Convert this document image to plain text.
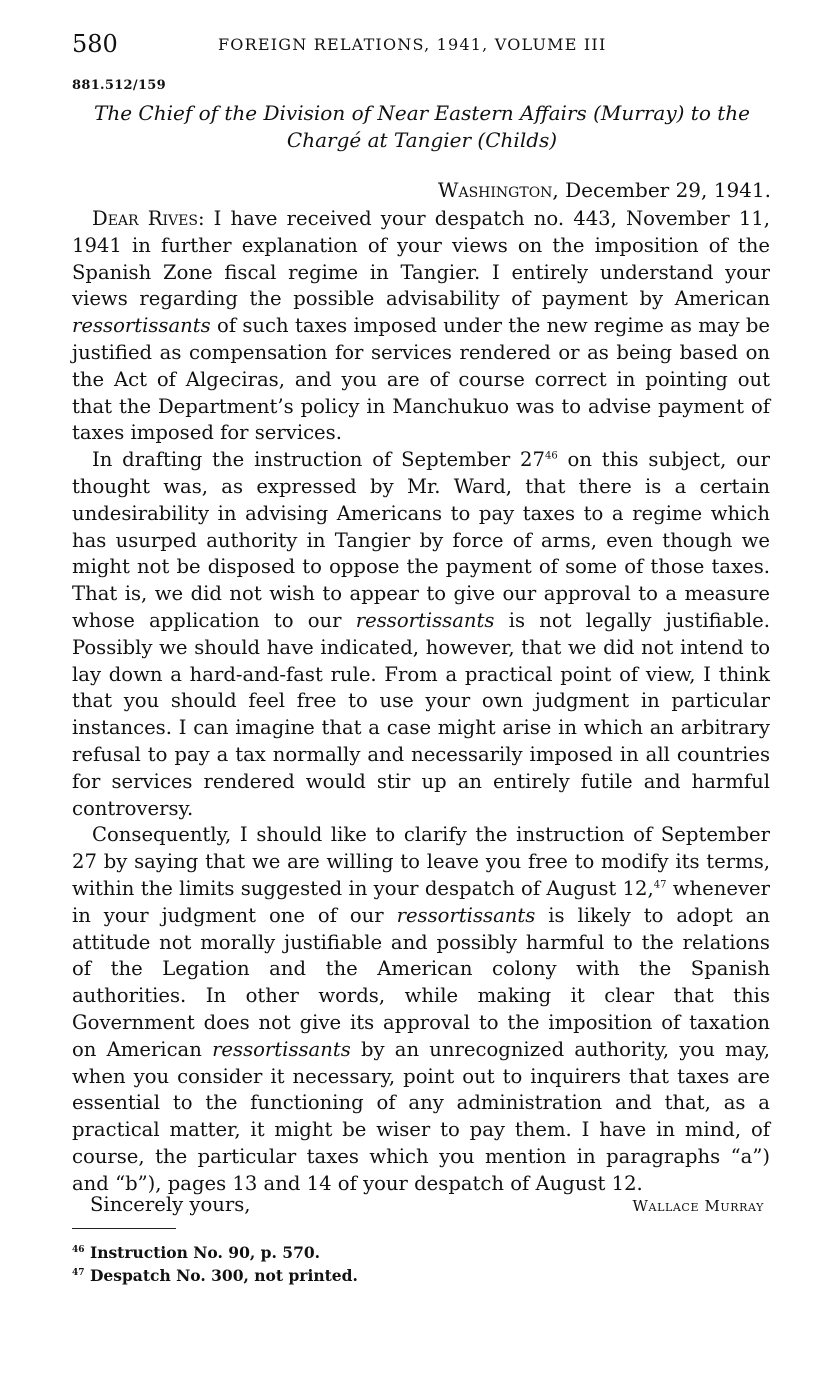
580	FOREIGN RELATIONS, 1941, VOLUME III
881.512/159
The Chief of the Division of Near Eastern Affairs (Murray) to the
Chargé at Tangier (Childs)
Washington, December 29, 1941.

Dear Rives: I have received your despatch no. 443, November 11, 1941 in further explanation of your views on the imposition of the Spanish Zone fiscal regime in Tangier. I entirely understand your views regarding the possible advisability of payment by American ressortissants of such taxes imposed under the new regime as may be justified as compensation for services rendered or as being based on the Act of Algeciras, and you are of course correct in pointing out that the Department’s policy in Manchukuo was to advise payment of taxes imposed for services.

In drafting the instruction of September 27$^{46}$ on this subject, our thought was, as expressed by Mr. Ward, that there is a certain undesirability in advising Americans to pay taxes to a regime which has usurped authority in Tangier by force of arms, even though we might not be disposed to oppose the payment of some of those taxes. That is, we did not wish to appear to give our approval to a measure whose application to our ressortissants is not legally justifiable. Possibly we should have indicated, however, that we did not intend to lay down a hard-and-fast rule. From a practical point of view, I think that you should feel free to use your own judgment in particular instances. I can imagine that a case might arise in which an arbitrary refusal to pay a tax normally and necessarily imposed in all countries for services rendered would stir up an entirely futile and harmful controversy.

Consequently, I should like to clarify the instruction of September 27 by saying that we are willing to leave you free to modify its terms, within the limits suggested in your despatch of August 12,47 whenever in your judgment one of our ressortissants is likely to adopt an attitude not morally justifiable and possibly harmful to the relations of the Legation and the American colony with the Spanish authorities. In other words, while making it clear that this Government does not give its approval to the imposition of taxation on American ressortissants by an unrecognized authority, you may, when you consider it necessary, point out to inquirers that taxes are essential to the functioning of any administration and that, as a practical matter, it might be wiser to pay them. I have in mind, of course, the particular taxes which you mention in paragraphs “a”) and “b”), pages 13 and 14 of your despatch of August 12.

Sincerely yours,	Wallace Murray

$^{46}$ Instruction No. 90, p. 570.

$^{47}$ Despatch No. 300, not printed.
